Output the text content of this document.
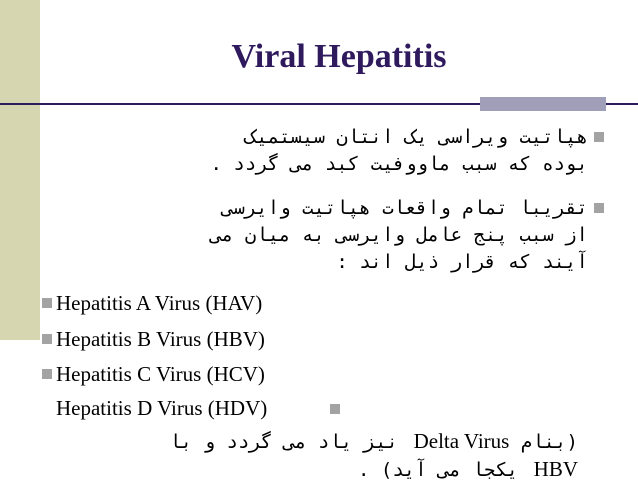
Viral Hepatitis
هپاتیت ویراسی یک انتان سیستمیک
بوده که سبب ماووفیت کبد می گردد .
تقریبا تمام واقعات هپاتیت وایرسی
از سبب پنج عامل وایرسی به میان می
آیند که قرار ذیل اند :
Hepatitis A Virus (HAV)
Hepatitis B Virus (HBV)
Hepatitis C Virus (HCV)
Hepatitis D Virus (HDV)
(بنام Delta Virus نیز یاد می گردد و با
HBV یکجا می آید) .
